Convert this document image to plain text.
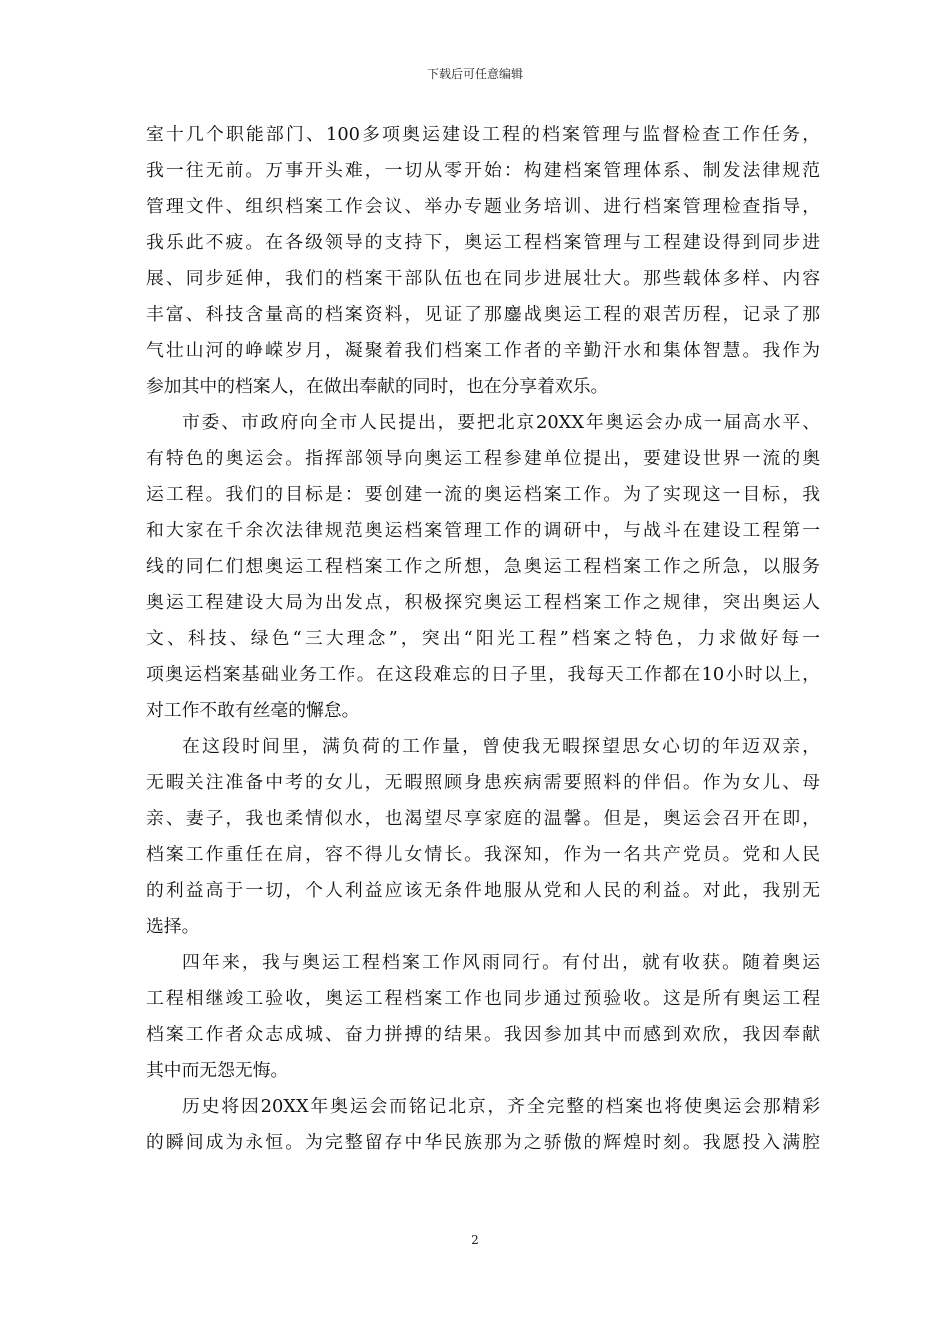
下载后可任意编辑
室十几个职能部门、100多项奥运建设工程的档案管理与监督检查工作任务，
我一往无前。万事开头难，一切从零开始：构建档案管理体系、制发法律规范
管理文件、组织档案工作会议、举办专题业务培训、进行档案管理检查指导，
我乐此不疲。在各级领导的支持下，奥运工程档案管理与工程建设得到同步进
展、同步延伸，我们的档案干部队伍也在同步进展壮大。那些载体多样、内容
丰富、科技含量高的档案资料，见证了那鏖战奥运工程的艰苦历程，记录了那
气壮山河的峥嵘岁月，凝聚着我们档案工作者的辛勤汗水和集体智慧。我作为
参加其中的档案人，在做出奉献的同时，也在分享着欢乐。
市委、市政府向全市人民提出，要把北京20XX年奥运会办成一届高水平、
有特色的奥运会。指挥部领导向奥运工程参建单位提出，要建设世界一流的奥
运工程。我们的目标是：要创建一流的奥运档案工作。为了实现这一目标，我
和大家在千余次法律规范奥运档案管理工作的调研中，与战斗在建设工程第一
线的同仁们想奥运工程档案工作之所想，急奥运工程档案工作之所急，以服务
奥运工程建设大局为出发点，积极探究奥运工程档案工作之规律，突出奥运人
文、科技、绿色“三大理念”，突出“阳光工程”档案之特色，力求做好每一
项奥运档案基础业务工作。在这段难忘的日子里，我每天工作都在10小时以上，
对工作不敢有丝毫的懈怠。
在这段时间里，满负荷的工作量，曾使我无暇探望思女心切的年迈双亲，
无暇关注准备中考的女儿，无暇照顾身患疾病需要照料的伴侣。作为女儿、母
亲、妻子，我也柔情似水，也渴望尽享家庭的温馨。但是，奥运会召开在即，
档案工作重任在肩，容不得儿女情长。我深知，作为一名共产党员。党和人民
的利益高于一切，个人利益应该无条件地服从党和人民的利益。对此，我别无
选择。
四年来，我与奥运工程档案工作风雨同行。有付出，就有收获。随着奥运
工程相继竣工验收，奥运工程档案工作也同步通过预验收。这是所有奥运工程
档案工作者众志成城、奋力拼搏的结果。我因参加其中而感到欢欣，我因奉献
其中而无怨无悔。
历史将因20XX年奥运会而铭记北京，齐全完整的档案也将使奥运会那精彩
的瞬间成为永恒。为完整留存中华民族那为之骄傲的辉煌时刻。我愿投入满腔
2
